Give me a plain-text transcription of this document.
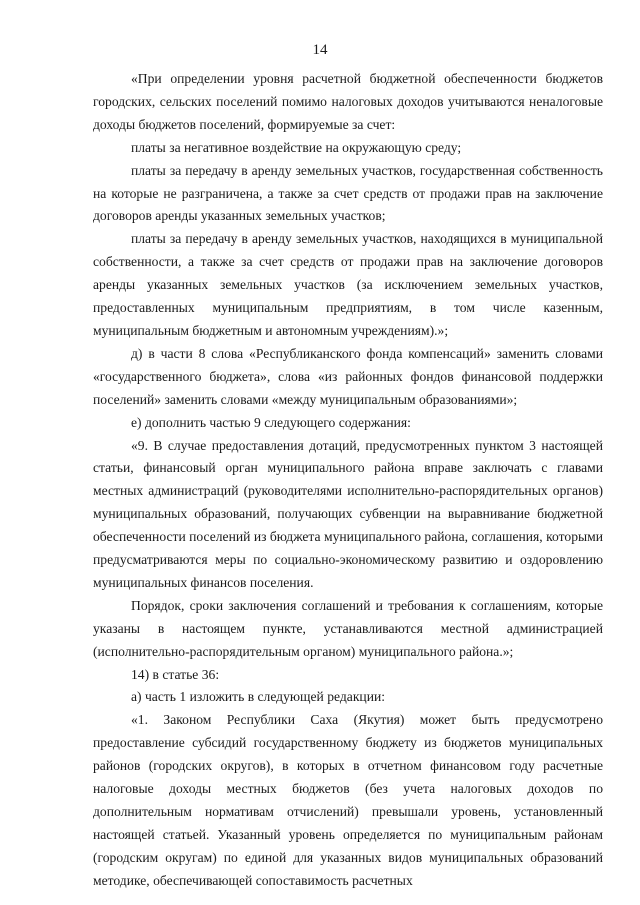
14

«При определении уровня расчетной бюджетной обеспеченности бюджетов городских, сельских поселений помимо налоговых доходов учитываются неналоговые доходы бюджетов поселений, формируемые за счет:

платы за негативное воздействие на окружающую среду;

платы за передачу в аренду земельных участков, государственная собственность на которые не разграничена, а также за счет средств от продажи прав на заключение договоров аренды указанных земельных участков;

платы за передачу в аренду земельных участков, находящихся в муниципальной собственности, а также за счет средств от продажи прав на заключение договоров аренды указанных земельных участков (за исключением земельных участков, предоставленных муниципальным предприятиям, в том числе казенным, муниципальным бюджетным и автономным учреждениям).»;

д) в части 8 слова «Республиканского фонда компенсаций» заменить словами «государственного бюджета», слова «из районных фондов финансовой поддержки поселений» заменить словами «между муниципальным образованиями»;

е) дополнить частью 9 следующего содержания:

«9. В случае предоставления дотаций, предусмотренных пунктом 3 настоящей статьи, финансовый орган муниципального района вправе заключать с главами местных администраций (руководителями исполнительно-распорядительных органов) муниципальных образований, получающих субвенции на выравнивание бюджетной обеспеченности поселений из бюджета муниципального района, соглашения, которыми предусматриваются меры по социально-экономическому развитию и оздоровлению муниципальных финансов поселения.

Порядок, сроки заключения соглашений и требования к соглашениям, которые указаны в настоящем пункте, устанавливаются местной администрацией (исполнительно-распорядительным органом) муниципального района.»;

14) в статье 36:

а) часть 1 изложить в следующей редакции:

«1. Законом Республики Саха (Якутия) может быть предусмотрено предоставление субсидий государственному бюджету из бюджетов муниципальных районов (городских округов), в которых в отчетном финансовом году расчетные налоговые доходы местных бюджетов (без учета налоговых доходов по дополнительным нормативам отчислений) превышали уровень, установленный настоящей статьей. Указанный уровень определяется по муниципальным районам (городским округам) по единой для указанных видов муниципальных образований методике, обеспечивающей сопоставимость расчетных
